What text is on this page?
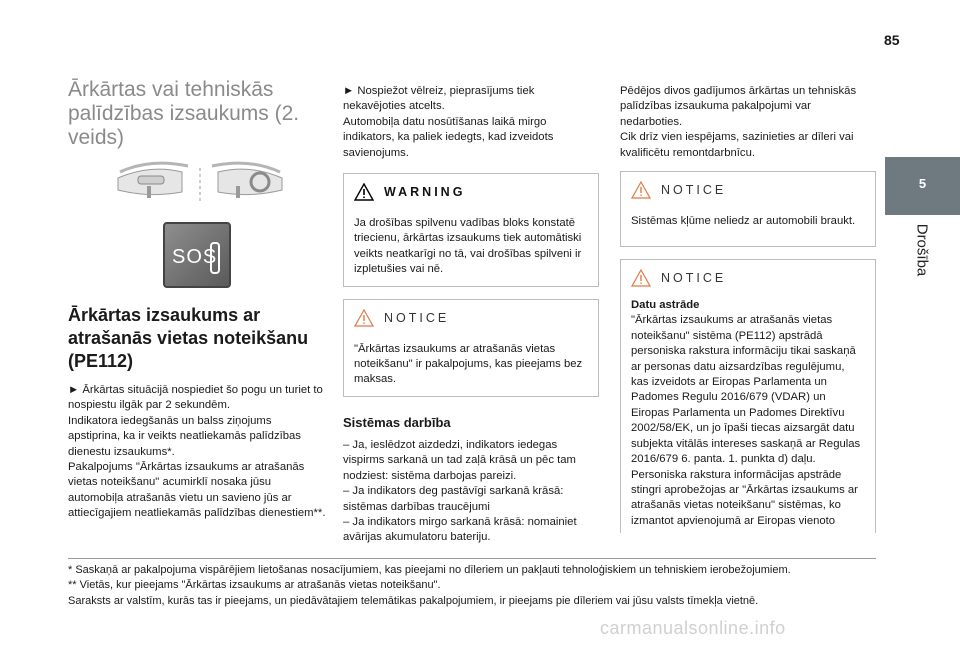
85
5
Drošība
Ārkārtas vai tehniskās palīdzības izsaukums (2. veids)
SOS
Ārkārtas izsaukums ar atrašanās vietas noteikšanu (PE112)

► Ārkārtas situācijā nospiediet šo pogu un turiet to nospiestu ilgāk par 2 sekundēm.
Indikatora iedegšanās un balss ziņojums apstiprina, ka ir veikts neatliekamās palīdzības dienestu izsaukums*.
Pakalpojums "Ārkārtas izsaukums ar atrašanās vietas noteikšanu" acumirklī nosaka jūsu automobiļa atrašanās vietu un savieno jūs ar attiecīgajiem neatliekamās palīdzības dienestiem**.

► Nospiežot vēlreiz, pieprasījums tiek nekavējoties atcelts.
Automobiļa datu nosūtīšanas laikā mirgo indikators, ka paliek iedegts, kad izveidots savienojums.

WARNING

Ja drošības spilvenu vadības bloks konstatē triecienu, ārkārtas izsaukums tiek automātiski veikts neatkarīgi no tā, vai drošības spilveni ir izpletušies vai nē.

NOTICE

"Ārkārtas izsaukums ar atrašanās vietas noteikšanu" ir pakalpojums, kas pieejams bez maksas.

Sistēmas darbība

– Ja, ieslēdzot aizdedzi, indikators iedegas vispirms sarkanā un tad zaļā krāsā un pēc tam nodziest: sistēma darbojas pareizi.
– Ja indikators deg pastāvīgi sarkanā krāsā: sistēmas darbības traucējumi
– Ja indikators mirgo sarkanā krāsā: nomainiet avārijas akumulatoru bateriju.

Pēdējos divos gadījumos ārkārtas un tehniskās palīdzības izsaukuma pakalpojumi var nedarboties.
Cik drīz vien iespējams, sazinieties ar dīleri vai kvalificētu remontdarbnīcu.

NOTICE

Sistēmas kļūme neliedz ar automobili braukt.

NOTICE

Datu astrāde

"Ārkārtas izsaukums ar atrašanās vietas noteikšanu" sistēma (PE112) apstrādā personiska rakstura informāciju tikai saskaņā ar personas datu aizsardzības regulējumu, kas izveidots ar Eiropas Parlamenta un Padomes Regulu 2016/679 (VDAR) un Eiropas Parlamenta un Padomes Direktīvu 2002/58/EK, un jo īpaši tiecas aizsargāt datu subjekta vitālās intereses saskaņā ar Regulas 2016/679 6. panta. 1. punkta d) daļu. Personiska rakstura informācijas apstrāde stingri aprobežojas ar "Ārkārtas izsaukums ar atrašanās vietas noteikšanu" sistēmas, ko izmantot apvienojumā ar Eiropas vienoto

* Saskaņā ar pakalpojuma vispārējiem lietošanas nosacījumiem, kas pieejami no dīleriem un pakļauti tehnoloģiskiem un tehniskiem ierobežojumiem.

** Vietās, kur pieejams "Ārkārtas izsaukums ar atrašanās vietas noteikšanu".

Saraksts ar valstīm, kurās tas ir pieejams, un piedāvātajiem telemātikas pakalpojumiem, ir pieejams pie dīleriem vai jūsu valsts tīmekļa vietnē.

carmanualsonline.info
